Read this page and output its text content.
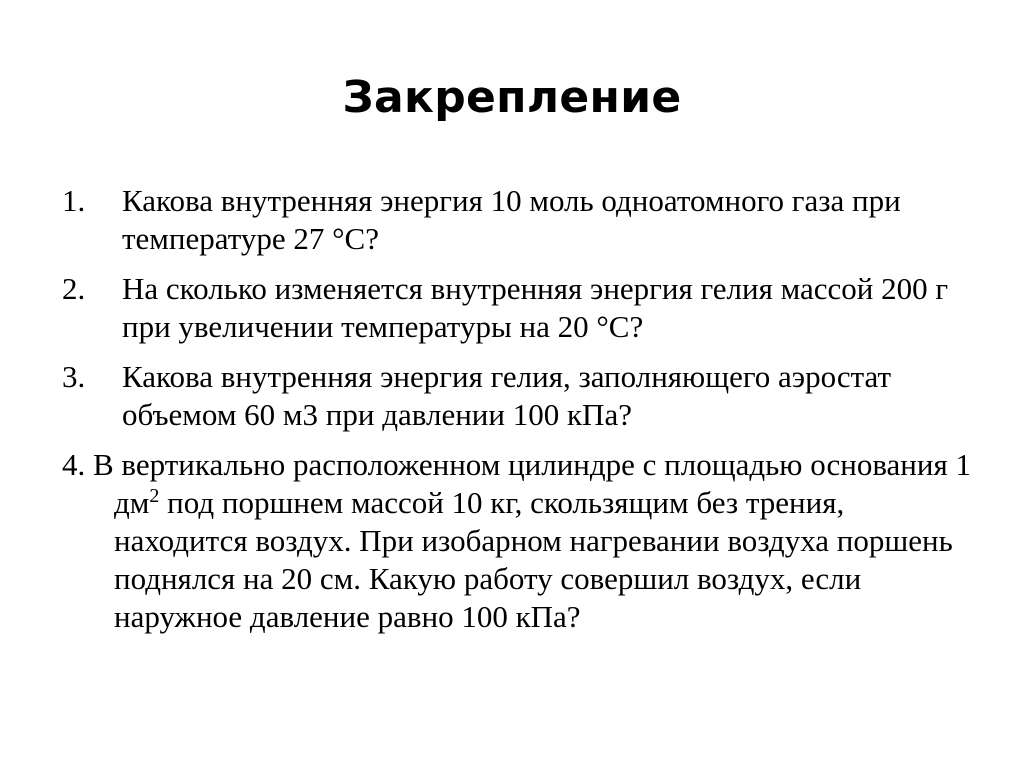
Закрепление
1. Какова внутренняя энергия 10 моль одноатомного газа при температуре 27 °С?
2. На сколько изменяется внутренняя энергия гелия массой 200 г при увеличении температуры на 20 °С?
3. Какова внутренняя энергия гелия, заполняющего аэростат объемом 60 м3 при давлении 100 кПа?
4. В вертикально расположенном цилиндре с площадью основания 1 $дм^2$ под поршнем массой 10 кг, скользящим без трения, находится воздух. При изобарном нагревании воздуха поршень поднялся на 20 см. Какую работу совершил воздух, если наружное давление равно 100 кПа?
